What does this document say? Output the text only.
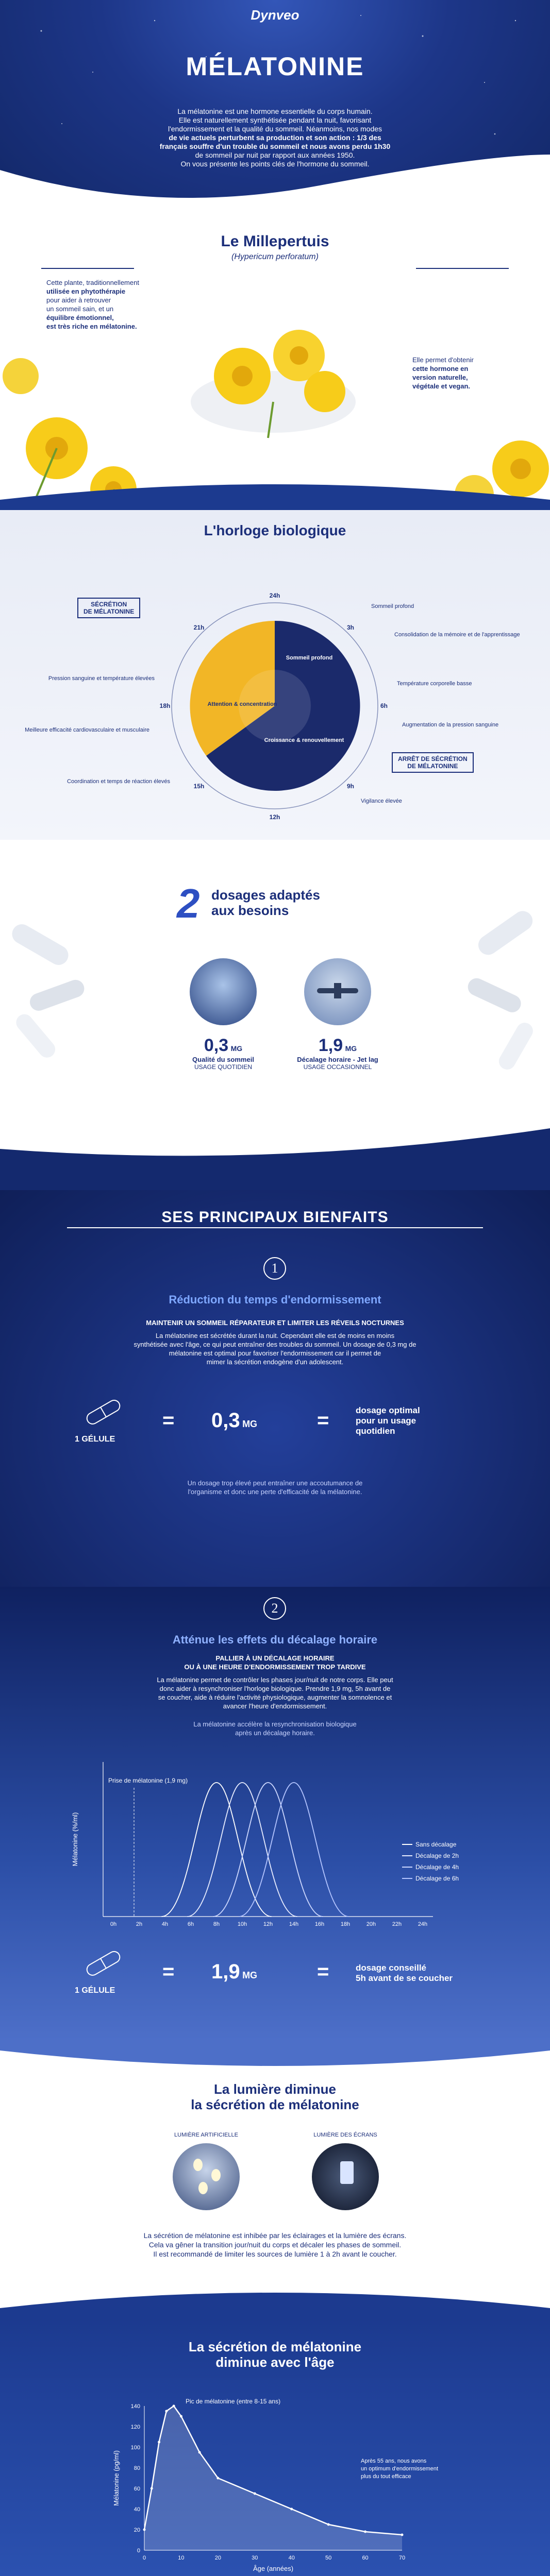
Dynveo
MÉLATONINE
La mélatonine est une hormone essentielle du corps humain.
Elle est naturellement synthétisée pendant la nuit, favorisant
l'endormissement et la qualité du sommeil. Néanmoins, nos modes
de vie actuels perturbent sa production et son action : 1/3 des
français souffre d'un trouble du sommeil et nous avons perdu 1h30
de sommeil par nuit par rapport aux années 1950.
On vous présente les points clés de l'hormone du sommeil.
Le Millepertuis
(Hypericum perforatum)
Cette plante, traditionnellement
utilisée en phytothérapie
pour aider à retrouver
un sommeil sain, et un
équilibre émotionnel,
est très riche en mélatonine.
Elle permet d'obtenir
cette hormone en
version naturelle,
végétale et vegan.
L'horloge biologique
SÉCRÉTION
DE MÉLATONINE
ARRÊT DE SÉCRÉTION
DE MÉLATONINE
24h
3h
6h
9h
12h
15h
18h
21h
Sommeil profond
Croissance & renouvellement
Attention & concentration
Pression sanguine et température élevées
Meilleure efficacité cardiovasculaire et musculaire
Coordination et temps de réaction élevés
Sommeil profond
Consolidation de la mémoire et de l'apprentissage
Température corporelle basse
Augmentation de la pression sanguine
Vigilance élevée
2 dosages adaptés
aux besoins
0,3 MG
Qualité du sommeil
USAGE QUOTIDIEN
1,9 MG
Décalage horaire - Jet lag
USAGE OCCASIONNEL
SES PRINCIPAUX BIENFAITS
1
Réduction du temps d'endormissement
MAINTENIR UN SOMMEIL RÉPARATEUR ET LIMITER LES RÉVEILS NOCTURNES
La mélatonine est sécrétée durant la nuit. Cependant elle est de moins en moins
synthétisée avec l'âge, ce qui peut entraîner des troubles du sommeil. Un dosage de 0,3 mg de
mélatonine est optimal pour favoriser l'endormissement car il permet de
mimer la sécrétion endogène d'un adolescent.
1 GÉLULE
= 0,3 MG	=	dosage optimal
pour un usage
quotidien
Un dosage trop élevé peut entraîner une accoutumance de
l'organisme et donc une perte d'efficacité de la mélatonine.
2
Atténue les effets du décalage horaire
PALLIER À UN DÉCALAGE HORAIRE
OU À UNE HEURE D'ENDORMISSEMENT TROP TARDIVE
La mélatonine permet de contrôler les phases jour/nuit de notre corps. Elle peut
donc aider à resynchroniser l'horloge biologique. Prendre 1,9 mg, 5h avant de
se coucher, aide à réduire l'activité physiologique, augmenter la somnolence et
avancer l'heure d'endormissement.
La mélatonine accélère la resynchronisation biologique
après un décalage horaire.
Mélatonine (%/ml)
Prise de mélatonine (1,9 mg)
0h	2h	4h	6h	8h	10h	12h	14h	16h	18h	20h	22h	24h
Sans décalage
Décalage de 2h
Décalage de 4h
Décalage de 6h
1 GÉLULE
= 1,9 MG	=	dosage conseillé
5h avant de se coucher
La lumière diminue
la sécrétion de mélatonine
LUMIÈRE ARTIFICIELLE	LUMIÈRE DES ÉCRANS
La sécrétion de mélatonine est inhibée par les éclairages et la lumière des écrans.
Cela va gêner la transition jour/nuit du corps et décaler les phases de sommeil.
Il est recommandé de limiter les sources de lumière 1 à 2h avant le coucher.
La sécrétion de mélatonine
diminue avec l'âge
Mélatonine (pg/ml)
Âge (années)
0
20
40
60
80
100
120
140
0	10	20	30	40	50	60	70
Pic de mélatonine (entre 8-15 ans)
Après 55 ans, nous avons
un optimum d'endormissement
plus du tout efficace
